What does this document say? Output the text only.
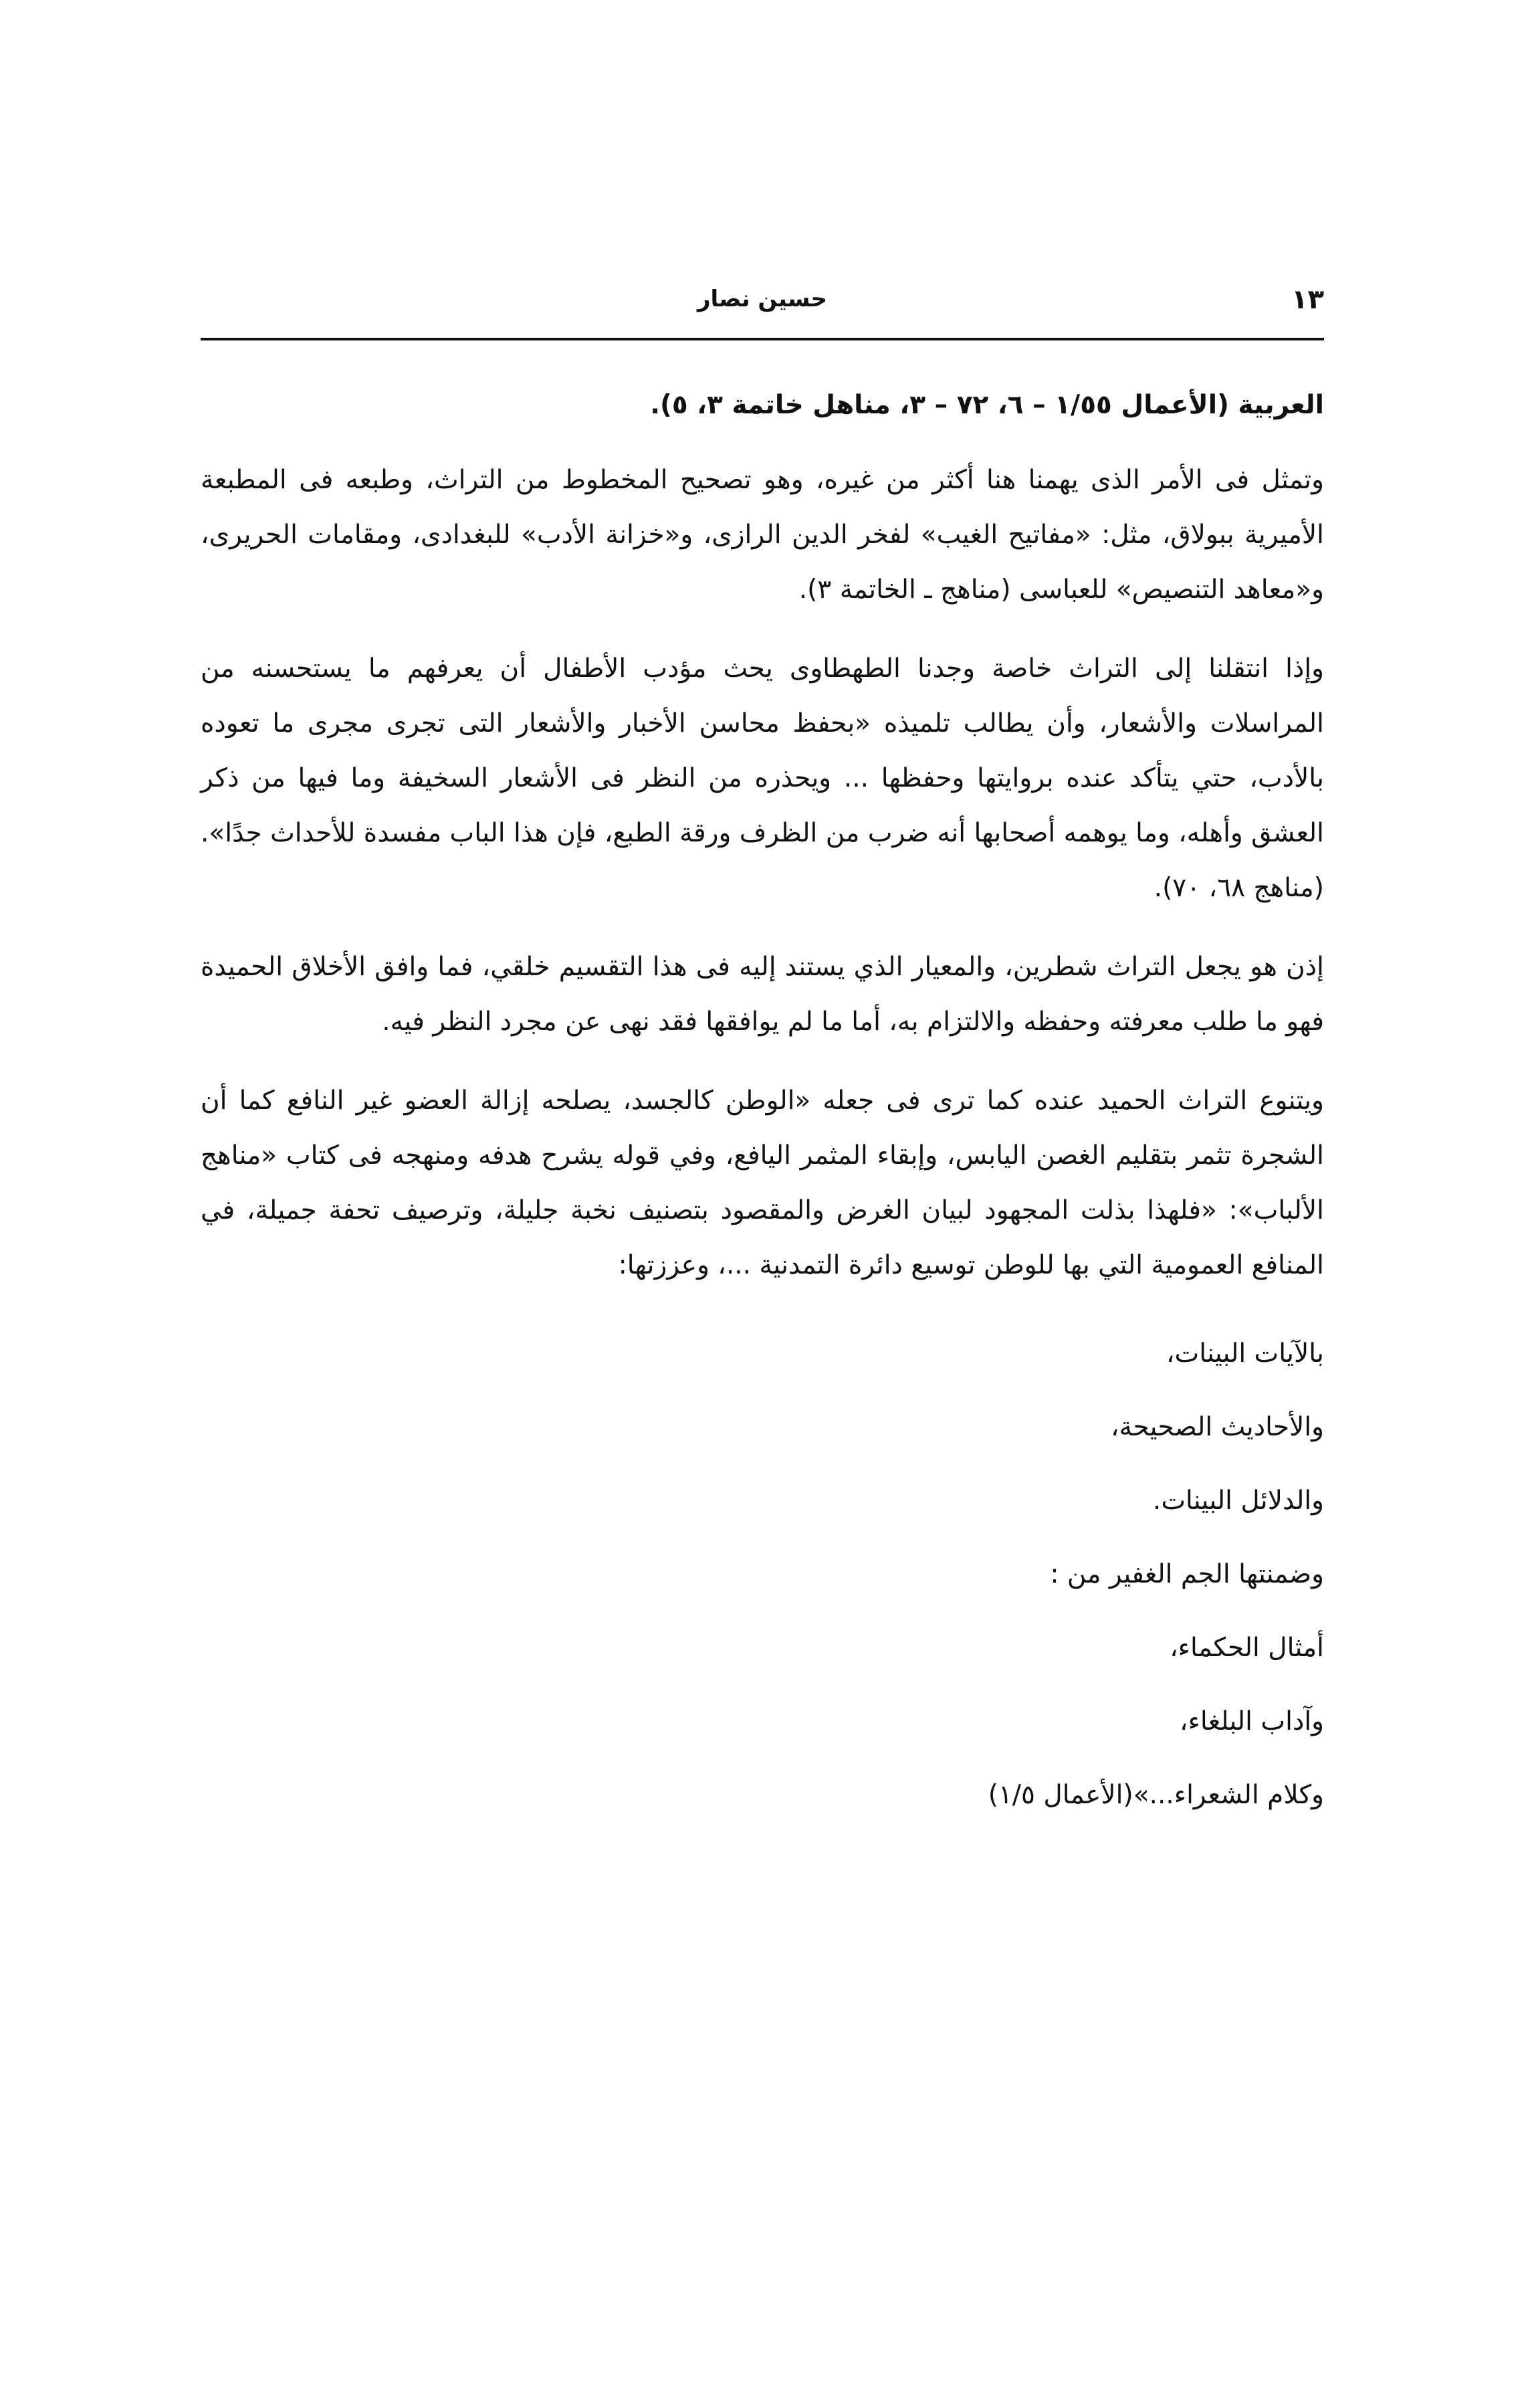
١٣
حسين نصار

العربية (الأعمال ١/٥٥ – ٦، ٧٢ – ٣، مناهل خاتمة ٣، ٥).

وتمثل فى الأمر الذى يهمنا هنا أكثر من غيره، وهو تصحيح المخطوط من التراث، وطبعه فى المطبعة الأميرية ببولاق، مثل: «مفاتيح الغيب» لفخر الدين الرازى، و«خزانة الأدب» للبغدادى، ومقامات الحريرى، و«معاهد التنصيص» للعباسى (مناهج ـ الخاتمة ٣).

وإذا انتقلنا إلى التراث خاصة وجدنا الطهطاوى يحث مؤدب الأطفال أن يعرفهم ما يستحسنه من المراسلات والأشعار، وأن يطالب تلميذه «بحفظ محاسن الأخبار والأشعار التى تجرى مجرى ما تعوده بالأدب، حتي يتأكد عنده بروايتها وحفظها ... ويحذره من النظر فى الأشعار السخيفة وما فيها من ذكر العشق وأهله، وما يوهمه أصحابها أنه ضرب من الظرف ورقة الطبع، فإن هذا الباب مفسدة للأحداث جدًا». (مناهج ٦٨، ٧٠).

إذن هو يجعل التراث شطرين، والمعيار الذي يستند إليه فى هذا التقسيم خلقي، فما وافق الأخلاق الحميدة فهو ما طلب معرفته وحفظه والالتزام به، أما ما لم يوافقها فقد نهى عن مجرد النظر فيه.

ويتنوع التراث الحميد عنده كما ترى فى جعله «الوطن كالجسد، يصلحه إزالة العضو غير النافع كما أن الشجرة تثمر بتقليم الغصن اليابس، وإبقاء المثمر اليافع، وفي قوله يشرح هدفه ومنهجه فى كتاب «مناهج الألباب»: «فلهذا بذلت المجهود لبيان الغرض والمقصود بتصنيف نخبة جليلة، وترصيف تحفة جميلة، في المنافع العمومية التي بها للوطن توسيع دائرة التمدنية ...، وعززتها:

بالآيات البينات،

والأحاديث الصحيحة،

والدلائل البينات.

وضمنتها الجم الغفير من :

أمثال الحكماء،

وآداب البلغاء،

وكلام الشعراء...»(الأعمال ١/٥)
